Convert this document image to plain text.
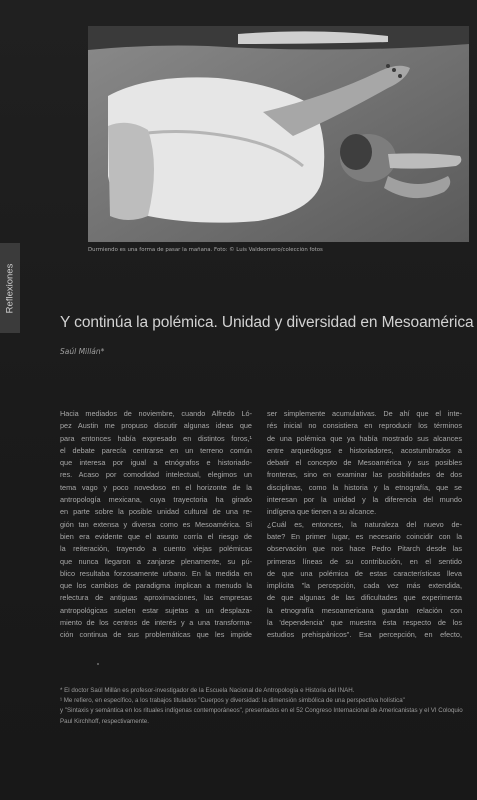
Durmiendo es una forma de pasar la mañana. Foto: © Luis Valdeomero/colección fotos
Reflexiones
Y continúa la polémica. Unidad y diversidad en Mesoamérica
Saúl Millán*
Hacia mediados de noviembre, cuando Alfredo Ló-
pez Austin me propuso discutir algunas ideas que
para entonces había expresado en distintos foros,¹
el debate parecía centrarse en un terreno común
que interesa por igual a etnógrafos e historiado-
res. Acaso por comodidad intelectual, elegimos un
tema vago y poco novedoso en el horizonte de la
antropología mexicana, cuya trayectoria ha girado
en parte sobre la posible unidad cultural de una re-
gión tan extensa y diversa como es Mesoamérica. Si
bien era evidente que el asunto corría el riesgo de
la reiteración, trayendo a cuento viejas polémicas
que nunca llegaron a zanjarse plenamente, su pú-
blico resultaba forzosamente urbano. En la medida en
que los cambios de paradigma implican a menudo la
relectura de antiguas aproximaciones, las empresas
antropológicas suelen estar sujetas a un desplaza-
miento de los centros de interés y a una transforma-
ción continua de sus problemáticas que les impide
ser simplemente acumulativas. De ahí que el inte-
rés inicial no consistiera en reproducir los términos
de una polémica que ya había mostrado sus alcances
entre arqueólogos e historiadores, acostumbrados a
debatir el concepto de Mesoamérica y sus posibles
fronteras, sino en examinar las posibilidades de dos
disciplinas, como la historia y la etnografía, que se
interesan por la unidad y la diferencia del mundo
indígena que tienen a su alcance.
¿Cuál es, entonces, la naturaleza del nuevo de-
bate? En primer lugar, es necesario coincidir con la
observación que nos hace Pedro Pitarch desde las
primeras líneas de su contribución, en el sentido
de que una polémica de estas características lleva
implícita "la percepción, cada vez más extendida,
de que algunas de las dificultades que experimenta
la etnografía mesoamericana guardan relación con
la 'dependencia' que muestra ésta respecto de los
estudios prehispánicos". Esa percepción, en efecto,

* El doctor Saúl Millán es profesor-investigador de la Escuela Nacional de Antropología e Historia del INAH.

¹ Me refiero, en específico, a los trabajos titulados "Cuerpos y diversidad: la dimensión simbólica de una perspectiva holística"

y "Sintaxis y semántica en los rituales indígenas contemporáneos", presentados en el 52 Congreso Internacional de Americanistas y el VI Coloquio Paul Kirchhoff, respectivamente.
